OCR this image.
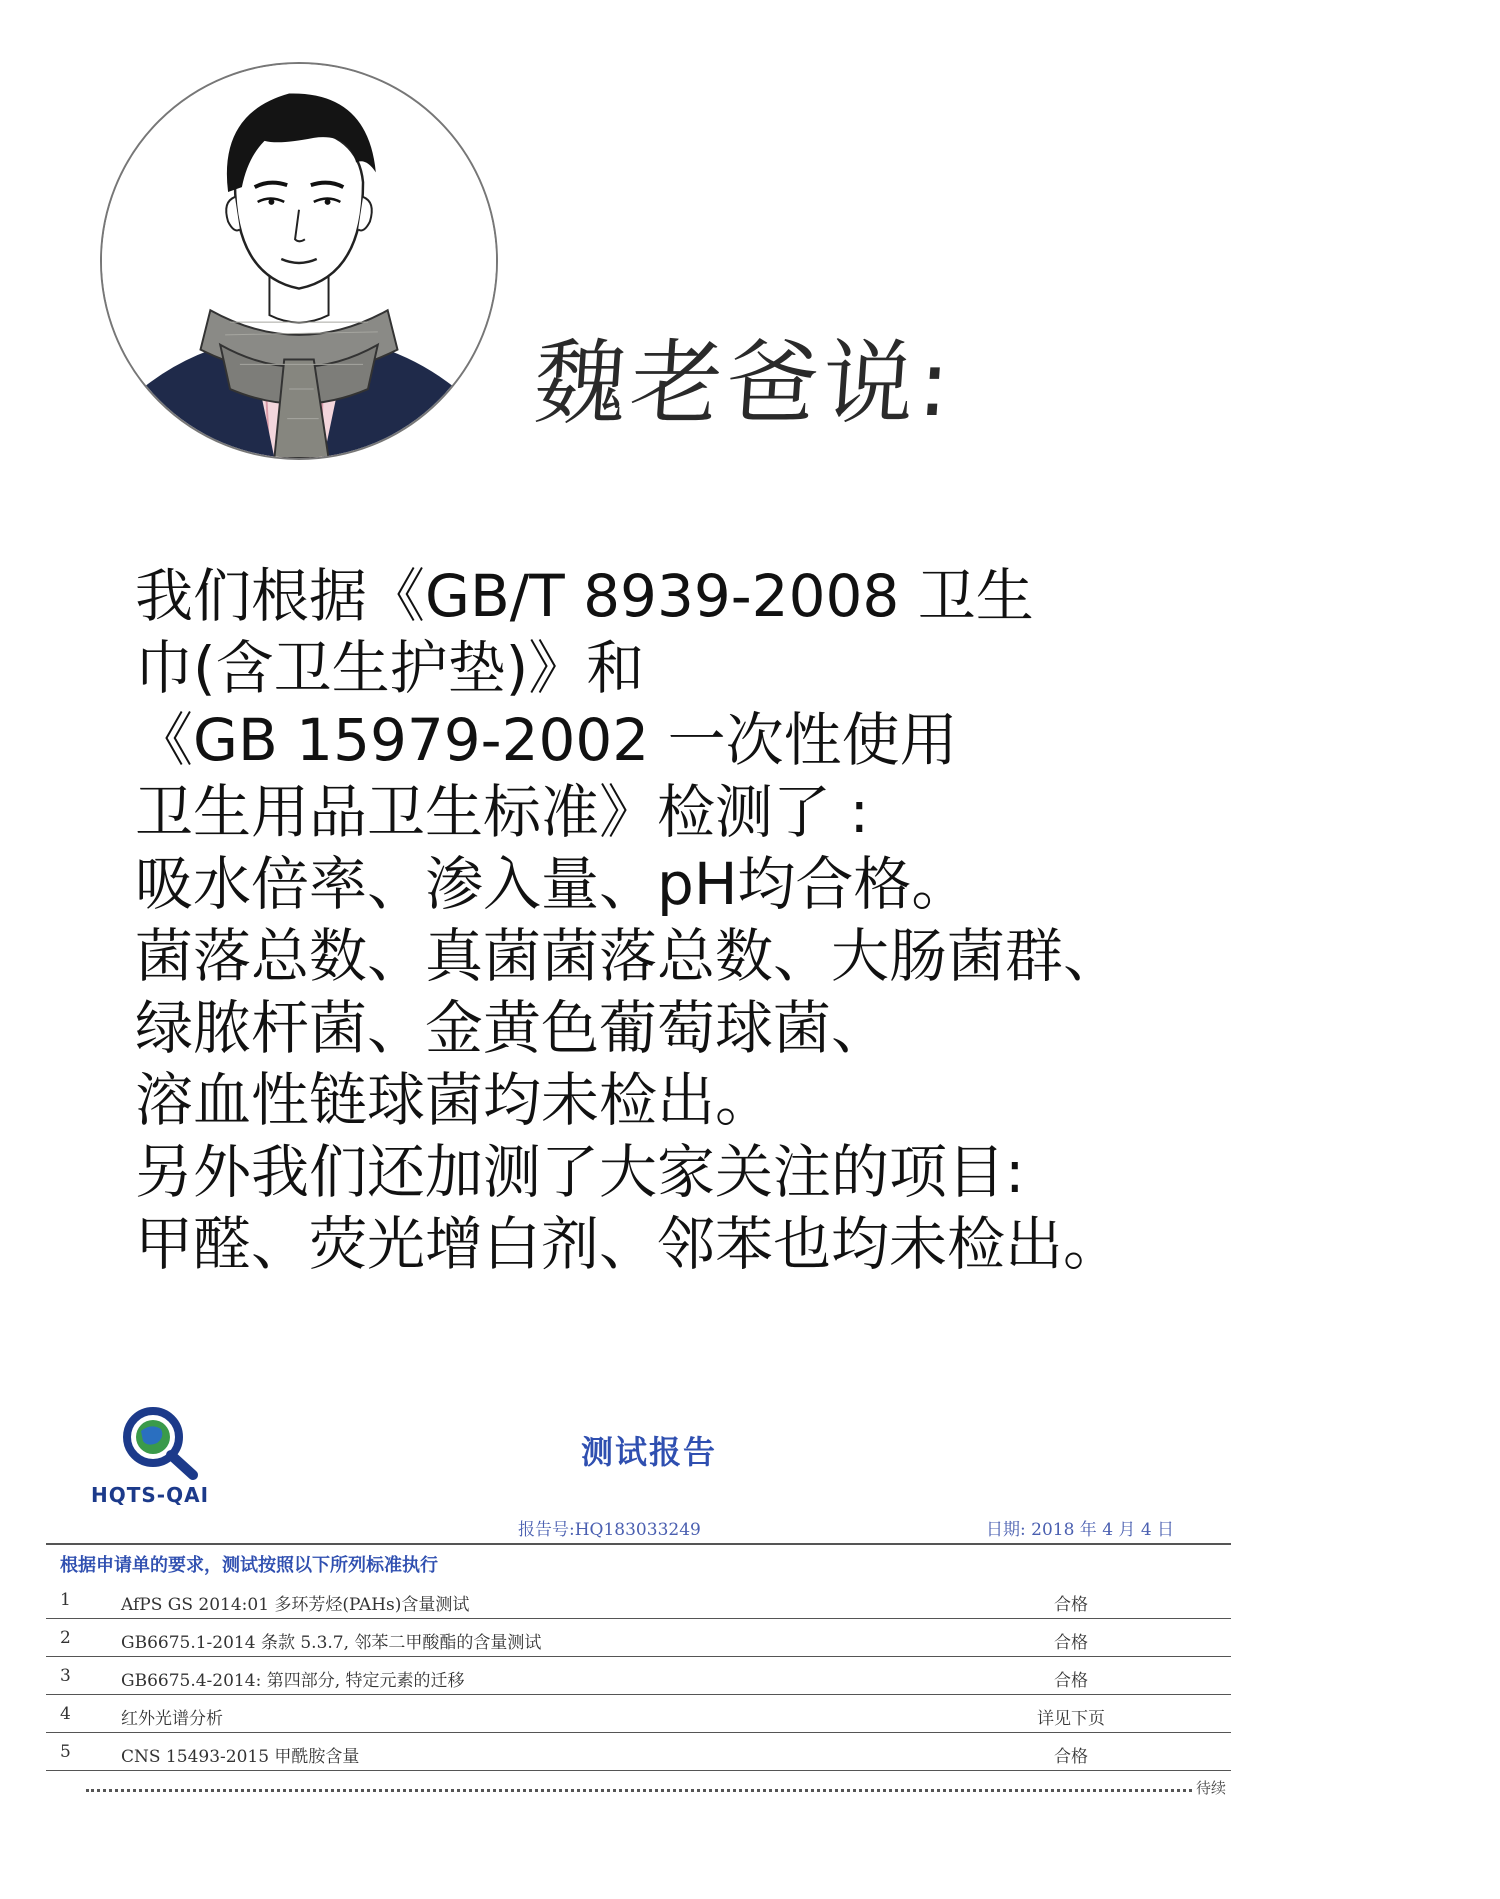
魏老爸说:
我们根据《GB/T 8939-2008 卫生
巾(含卫生护垫)》和
《GB 15979-2002 一次性使用
卫生用品卫生标准》检测了 :
吸水倍率、渗入量、pH均合格。
菌落总数、真菌菌落总数、大肠菌群、
绿脓杆菌、金黄色葡萄球菌、
溶血性链球菌均未检出。
另外我们还加测了大家关注的项目:
甲醛、荧光增白剂、邻苯也均未检出。
HQTS-QAI
测试报告
报告号:HQ183033249	日期: 2018 年 4 月 4 日
根据申请单的要求，测试按照以下所列标准执行
1	AfPS GS 2014:01 多环芳烃(PAHs)含量测试	合格
2	GB6675.1-2014 条款 5.3.7, 邻苯二甲酸酯的含量测试	合格
3	GB6675.4-2014: 第四部分, 特定元素的迁移	合格
4	红外光谱分析	详见下页
5	CNS 15493-2015 甲酰胺含量	合格
待续
